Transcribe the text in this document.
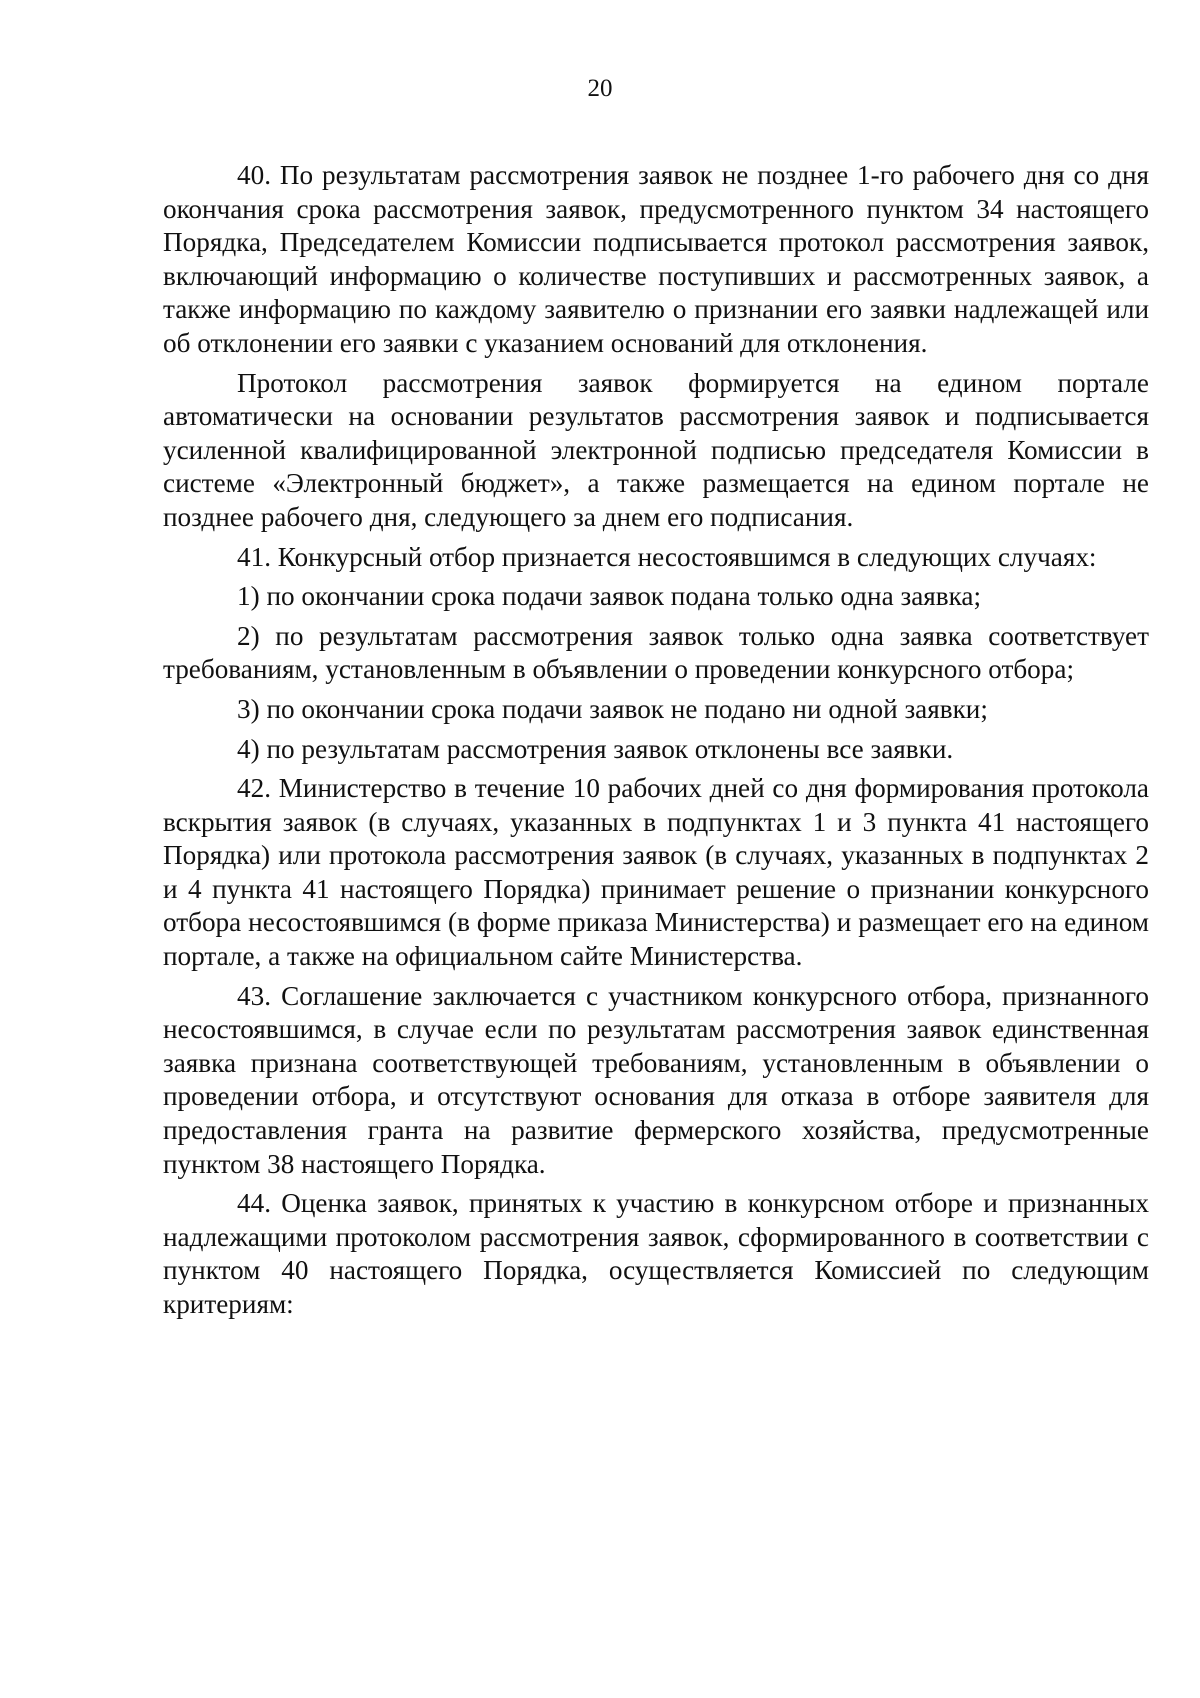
20

40. По результатам рассмотрения заявок не позднее 1-го рабочего дня со дня окончания срока рассмотрения заявок, предусмотренного пунктом 34 настоящего Порядка, Председателем Комиссии подписывается протокол рассмотрения заявок, включающий информацию о количестве поступивших и рассмотренных заявок, а также информацию по каждому заявителю о признании его заявки надлежащей или об отклонении его заявки с указанием оснований для отклонения.

Протокол рассмотрения заявок формируется на едином портале автоматически на основании результатов рассмотрения заявок и подписывается усиленной квалифицированной электронной подписью председателя Комиссии в системе «Электронный бюджет», а также размещается на едином портале не позднее рабочего дня, следующего за днем его подписания.

41. Конкурсный отбор признается несостоявшимся в следующих случаях:

1) по окончании срока подачи заявок подана только одна заявка;

2) по результатам рассмотрения заявок только одна заявка соответствует требованиям, установленным в объявлении о проведении конкурсного отбора;

3) по окончании срока подачи заявок не подано ни одной заявки;

4) по результатам рассмотрения заявок отклонены все заявки.

42. Министерство в течение 10 рабочих дней со дня формирования протокола вскрытия заявок (в случаях, указанных в подпунктах 1 и 3 пункта 41 настоящего Порядка) или протокола рассмотрения заявок (в случаях, указанных в подпунктах 2 и 4 пункта 41 настоящего Порядка) принимает решение о признании конкурсного отбора несостоявшимся (в форме приказа Министерства) и размещает его на едином портале, а также на официальном сайте Министерства.

43. Соглашение заключается с участником конкурсного отбора, признанного несостоявшимся, в случае если по результатам рассмотрения заявок единственная заявка признана соответствующей требованиям, установленным в объявлении о проведении отбора, и отсутствуют основания для отказа в отборе заявителя для предоставления гранта на развитие фермерского хозяйства, предусмотренные пунктом 38 настоящего Порядка.

44. Оценка заявок, принятых к участию в конкурсном отборе и признанных надлежащими протоколом рассмотрения заявок, сформированного в соответствии с пунктом 40 настоящего Порядка, осуществляется Комиссией по следующим критериям:
